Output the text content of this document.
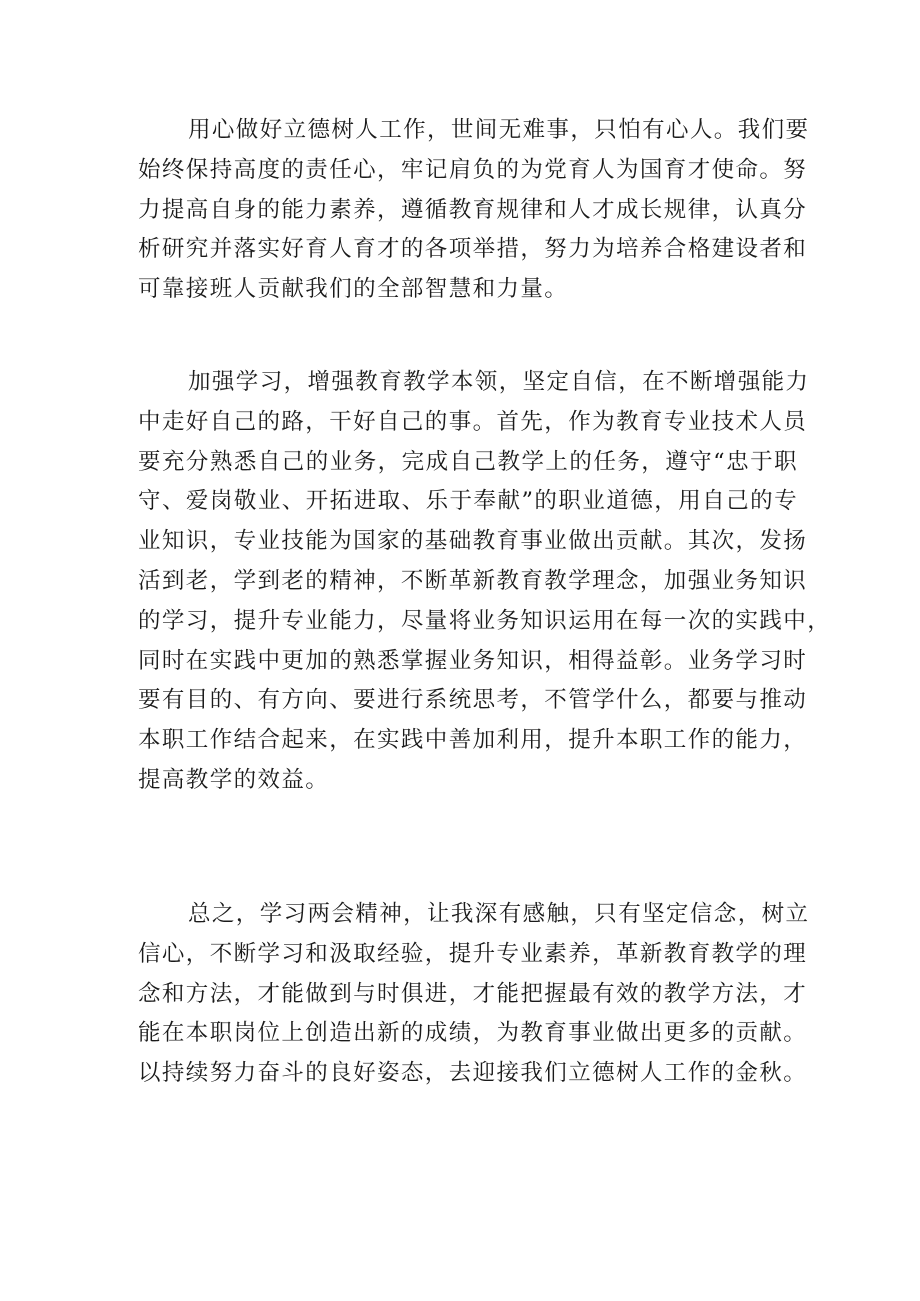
用心做好立德树人工作，世间无难事，只怕有心人。我们要
始终保持高度的责任心，牢记肩负的为党育人为国育才使命。努
力提高自身的能力素养，遵循教育规律和人才成长规律，认真分
析研究并落实好育人育才的各项举措，努力为培养合格建设者和
可靠接班人贡献我们的全部智慧和力量。
加强学习，增强教育教学本领，坚定自信，在不断增强能力
中走好自己的路，干好自己的事。首先，作为教育专业技术人员
要充分熟悉自己的业务，完成自己教学上的任务，遵守“忠于职
守、爱岗敬业、开拓进取、乐于奉献”的职业道德，用自己的专
业知识，专业技能为国家的基础教育事业做出贡献。其次，发扬
活到老，学到老的精神，不断革新教育教学理念，加强业务知识
的学习，提升专业能力，尽量将业务知识运用在每一次的实践中，
同时在实践中更加的熟悉掌握业务知识，相得益彰。业务学习时
要有目的、有方向、要进行系统思考，不管学什么，都要与推动
本职工作结合起来，在实践中善加利用，提升本职工作的能力，
提高教学的效益。
总之，学习两会精神，让我深有感触，只有坚定信念，树立
信心，不断学习和汲取经验，提升专业素养，革新教育教学的理
念和方法，才能做到与时俱进，才能把握最有效的教学方法，才
能在本职岗位上创造出新的成绩，为教育事业做出更多的贡献。
以持续努力奋斗的良好姿态，去迎接我们立德树人工作的金秋。
